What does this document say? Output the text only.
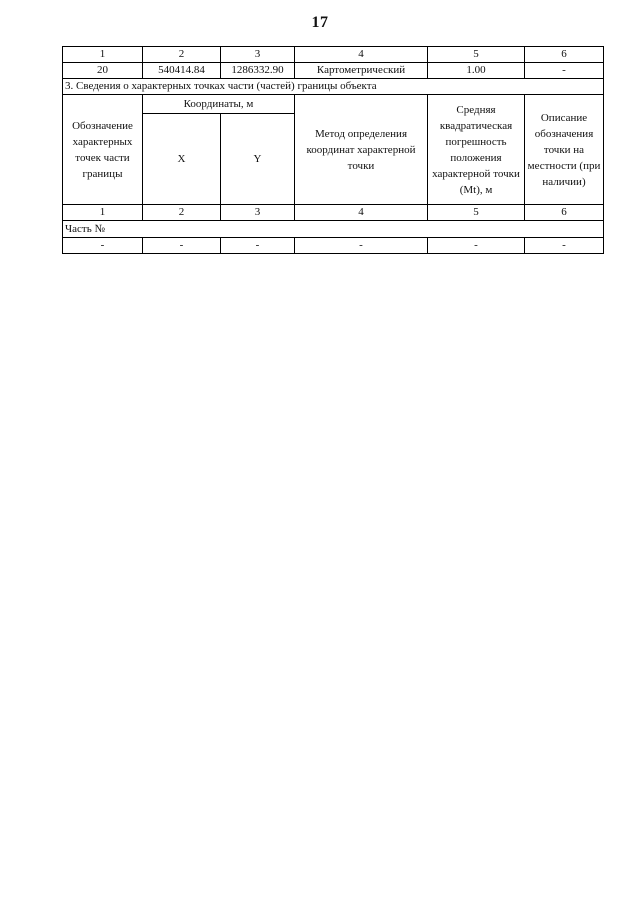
17
1	2	3	4	5	6
20	540414.84	1286332.90	Картометрический	1.00	-
3. Сведения о характерных точках части (частей) границы объекта					
Обозначение характерных точек части границы	Координаты, м		Метод определения координат характерной точки	Средняя квадратическая погрешность положения характерной точки (Mt), м	Описание обозначения точки на местности (при наличии)
	X	Y			
1	2	3	4	5	6
Часть №					
-	-	-	-	-	-
